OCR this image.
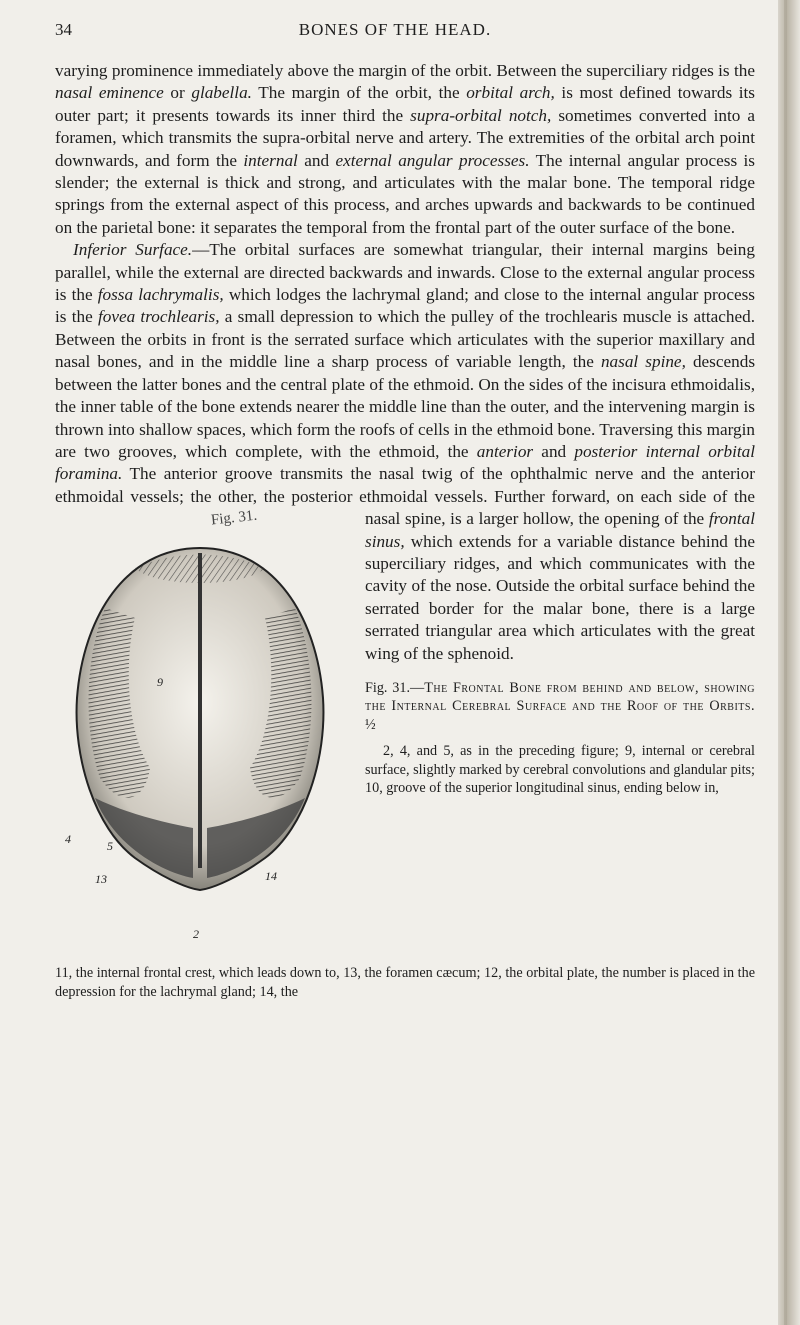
34	BONES OF THE HEAD.

varying prominence immediately above the margin of the orbit. Between the superciliary ridges is the nasal eminence or glabella. The margin of the orbit, the orbital arch, is most defined towards its outer part; it presents towards its inner third the supra-orbital notch, sometimes converted into a foramen, which transmits the supra-orbital nerve and artery. The extremities of the orbital arch point downwards, and form the internal and external angular processes. The internal angular process is slender; the external is thick and strong, and articulates with the malar bone. The temporal ridge springs from the external aspect of this process, and arches upwards and backwards to be continued on the parietal bone: it separates the temporal from the frontal part of the outer surface of the bone.

Inferior Surface.—The orbital surfaces are somewhat triangular, their internal margins being parallel, while the external are directed backwards and inwards. Close to the external angular process is the fossa lachrymalis, which lodges the lachrymal gland; and close to the internal angular process is the fovea trochlearis, a small depression to which the pulley of the trochlearis muscle is attached. Between the orbits in front is the serrated surface which articulates with the superior maxillary and nasal bones, and in the middle line a sharp process of variable length, the nasal spine, descends between the latter bones and the central plate of the ethmoid. On the sides of the incisura ethmoidalis, the inner table of the bone extends nearer the middle line than the outer, and the intervening margin is thrown into shallow spaces, which form the roofs of cells in the ethmoid bone. Traversing this margin are two grooves, which complete, with the ethmoid, the anterior and posterior internal orbital foramina. The anterior groove transmits the nasal twig of the ophthalmic nerve and the anterior ethmoidal vessels; the other, the posterior ethmoidal vessels. Further forward, on each side of the nasal spine, is a larger hollow, the opening of the
Fig. 31.
9
4	5
13	14
2
frontal sinus, which extends for a variable distance behind the superciliary ridges, and which communicates with the cavity of the nose. Outside the orbital surface behind the serrated border for the malar bone, there is a large serrated triangular area which articulates with the great wing of the sphenoid.

Fig. 31.—The Frontal Bone from behind and below, showing the Internal Cerebral Surface and the Roof of the Orbits. ½

2, 4, and 5, as in the preceding figure; 9, internal or cerebral surface, slightly marked by cerebral convolutions and glandular pits; 10, groove of the superior longitudinal sinus, ending below in,

11, the internal frontal crest, which leads down to, 13, the foramen cæcum; 12, the orbital plate, the number is placed in the depression for the lachrymal gland; 14, the
